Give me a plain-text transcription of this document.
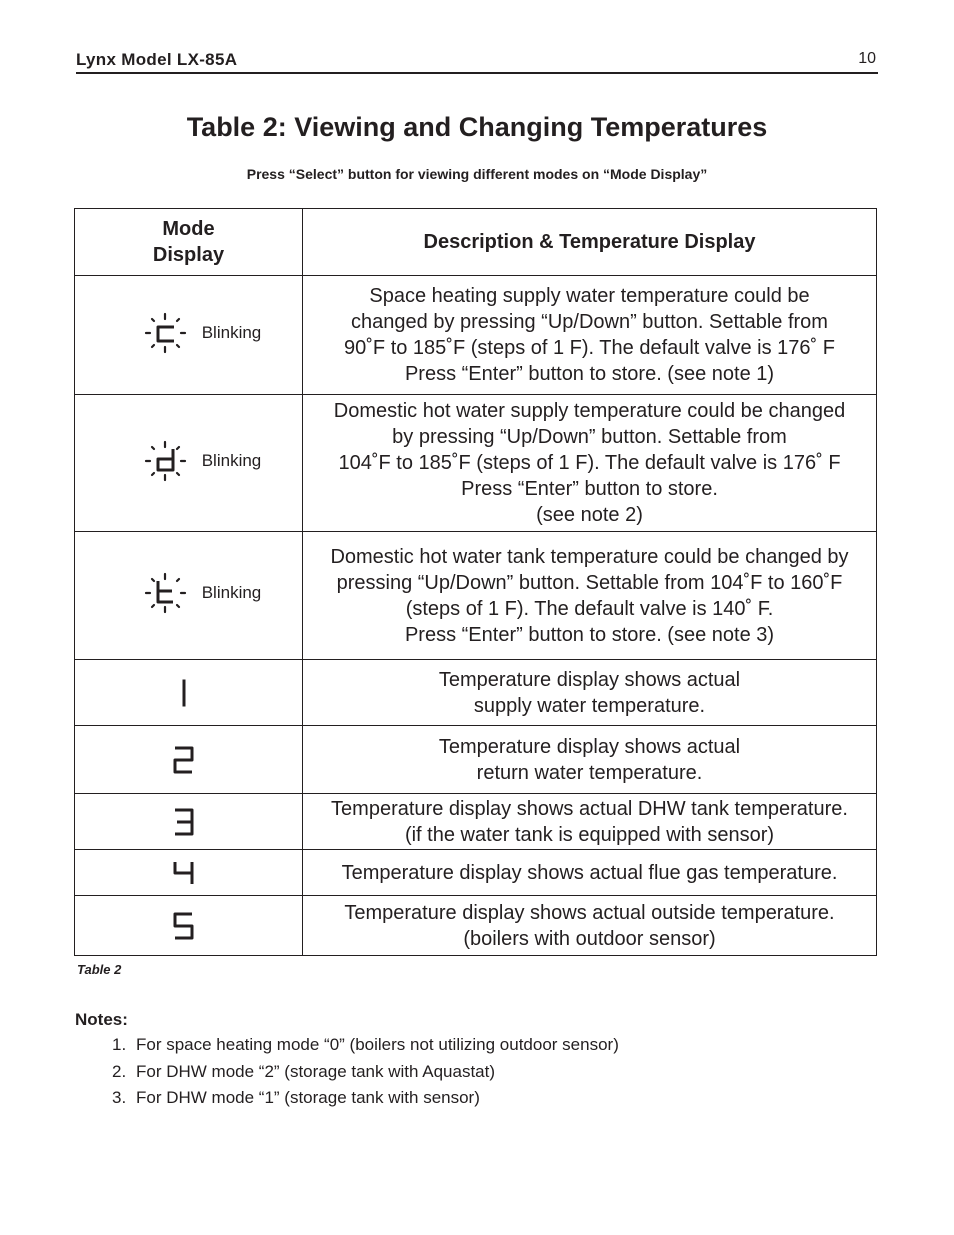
Lynx Model LX-85A	10
Table 2: Viewing and Changing Temperatures
Press “Select” button for viewing different modes on “Mode Display”
Mode
Display	Description & Temperature Display

Blinking	Space heating supply water temperature could be
changed by pressing “Up/Down” button. Settable from
90˚F to 185˚F (steps of 1 F). The default valve is 176˚ F
Press “Enter” button to store. (see note 1)

Blinking	Domestic hot water supply temperature could be changed
by pressing “Up/Down” button. Settable from
104˚F to 185˚F (steps of 1 F). The default valve is 176˚ F
Press “Enter” button to store.
(see note 2)

Blinking	Domestic hot water tank temperature could be changed by
pressing “Up/Down” button. Settable from 104˚F to 160˚F
(steps of 1 F). The default valve is 140˚ F.
Press “Enter” button to store. (see note 3)

Temperature display shows actual
supply water temperature.

Temperature display shows actual
return water temperature.

Temperature display shows actual DHW tank temperature.
(if the water tank is equipped with sensor)

Temperature display shows actual flue gas temperature.

Temperature display shows actual outside temperature.
(boilers with outdoor sensor)
Table 2
Notes:
1. For space heating mode “0” (boilers not utilizing outdoor sensor)
2. For DHW mode “2” (storage tank with Aquastat)
3. For DHW mode “1” (storage tank with sensor)
